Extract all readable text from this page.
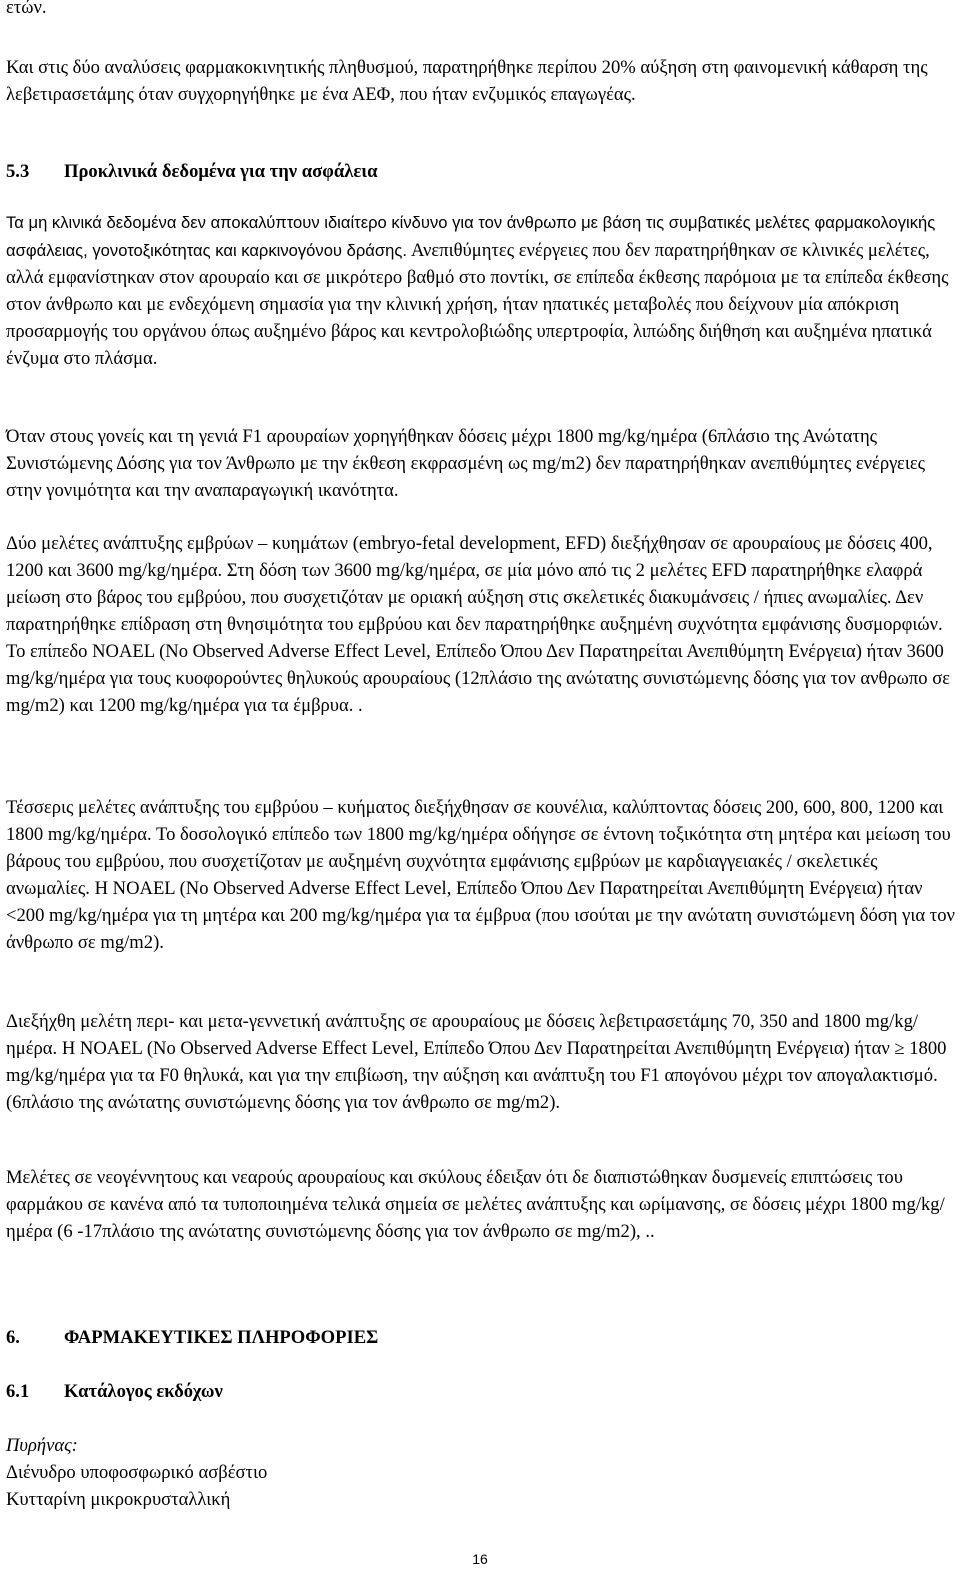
ετών.

Και στις δύο αναλύσεις φαρμακοκινητικής πληθυσμού, παρατηρήθηκε περίπου 20% αύξηση στη φαινομενική κάθαρση της λεβετιρασετάμης όταν συγχορηγήθηκε με ένα ΑΕΦ, που ήταν ενζυμικός επαγωγέας.

5.3 Προκλινικά δεδομένα για την ασφάλεια

Τα μη κλινικά δεδομένα δεν αποκαλύπτουν ιδιαίτερο κίνδυνο για τον άνθρωπο με βάση τις συμβατικές μελέτες φαρμακολογικής ασφάλειας, γονοτοξικότητας και καρκινογόνου δράσης. Ανεπιθύμητες ενέργειες που δεν παρατηρήθηκαν σε κλινικές μελέτες, αλλά εμφανίστηκαν στον αρουραίο και σε μικρότερο βαθμό στο ποντίκι, σε επίπεδα έκθεσης παρόμοια με τα επίπεδα έκθεσης στον άνθρωπο και με ενδεχόμενη σημασία για την κλινική χρήση, ήταν ηπατικές μεταβολές που δείχνουν μία απόκριση προσαρμογής του οργάνου όπως αυξημένο βάρος και κεντρολοβιώδης υπερτροφία, λιπώδης διήθηση και αυξημένα ηπατικά ένζυμα στο πλάσμα.

Όταν στους γονείς και τη γενιά F1 αρουραίων χορηγήθηκαν δόσεις μέχρι 1800 mg/kg/ημέρα (6πλάσιο της Ανώτατης Συνιστώμενης Δόσης για τον Άνθρωπο με την έκθεση εκφρασμένη ως mg/m2) δεν παρατηρήθηκαν ανεπιθύμητες ενέργειες στην γονιμότητα και την αναπαραγωγική ικανότητα.

Δύο μελέτες ανάπτυξης εμβρύων – κυημάτων (embryo-fetal development, EFD) διεξήχθησαν σε αρουραίους με δόσεις 400, 1200 και 3600 mg/kg/ημέρα. Στη δόση των 3600 mg/kg/ημέρα, σε μία μόνο από τις 2 μελέτες EFD παρατηρήθηκε ελαφρά μείωση στο βάρος του εμβρύου, που συσχετιζόταν με οριακή αύξηση στις σκελετικές διακυμάνσεις / ήπιες ανωμαλίες. Δεν παρατηρήθηκε επίδραση στη θνησιμότητα του εμβρύου και δεν παρατηρήθηκε αυξημένη συχνότητα εμφάνισης δυσμορφιών. Το επίπεδο NOAEL (No Observed Adverse Effect Level, Επίπεδο Όπου Δεν Παρατηρείται Ανεπιθύμητη Ενέργεια) ήταν 3600 mg/kg/ημέρα για τους κυοφορούντες θηλυκούς αρουραίους (12πλάσιο της ανώτατης συνιστώμενης δόσης για τον ανθρωπο σε mg/m2) και 1200 mg/kg/ημέρα για τα έμβρυα. .

Τέσσερις μελέτες ανάπτυξης του εμβρύου – κυήματος διεξήχθησαν σε κουνέλια, καλύπτοντας δόσεις 200, 600, 800, 1200 και 1800 mg/kg/ημέρα. Το δοσολογικό επίπεδο των 1800 mg/kg/ημέρα οδήγησε σε έντονη τοξικότητα στη μητέρα και μείωση του βάρους του εμβρύου, που συσχετίζοταν με αυξημένη συχνότητα εμφάνισης εμβρύων με καρδιαγγειακές / σκελετικές ανωμαλίες. Η NOAEL (No Observed Adverse Effect Level, Επίπεδο Όπου Δεν Παρατηρείται Ανεπιθύμητη Ενέργεια) ήταν <200 mg/kg/ημέρα για τη μητέρα και 200 mg/kg/ημέρα για τα έμβρυα (που ισούται με την ανώτατη συνιστώμενη δόση για τον άνθρωπο σε mg/m2).

Διεξήχθη μελέτη περι- και μετα-γεννετική ανάπτυξης σε αρουραίους με δόσεις λεβετιρασετάμης 70, 350 and 1800 mg/kg/ημέρα. Η NOAEL (No Observed Adverse Effect Level, Επίπεδο Όπου Δεν Παρατηρείται Ανεπιθύμητη Ενέργεια) ήταν ≥ 1800 mg/kg/ημέρα για τα F0 θηλυκά, και για την επιβίωση, την αύξηση και ανάπτυξη του F1 απογόνου μέχρι τον απογαλακτισμό. (6πλάσιο της ανώτατης συνιστώμενης δόσης για τον άνθρωπο σε mg/m2).

Μελέτες σε νεογέννητους και νεαρούς αρουραίους και σκύλους έδειξαν ότι δε διαπιστώθηκαν δυσμενείς επιπτώσεις του φαρμάκου σε κανένα από τα τυποποιημένα τελικά σημεία σε μελέτες ανάπτυξης και ωρίμανσης, σε δόσεις μέχρι 1800 mg/kg/ημέρα (6 -17πλάσιο της ανώτατης συνιστώμενης δόσης για τον άνθρωπο σε mg/m2), ..

6. ΦΑΡΜΑΚΕΥΤΙΚΕΣ ΠΛΗΡΟΦΟΡΙΕΣ
6.1 Κατάλογος εκδόχων

Πυρήνας:

Διένυδρο υποφοσφωρικό ασβέστιο

Κυτταρίνη μικροκρυσταλλική

16
